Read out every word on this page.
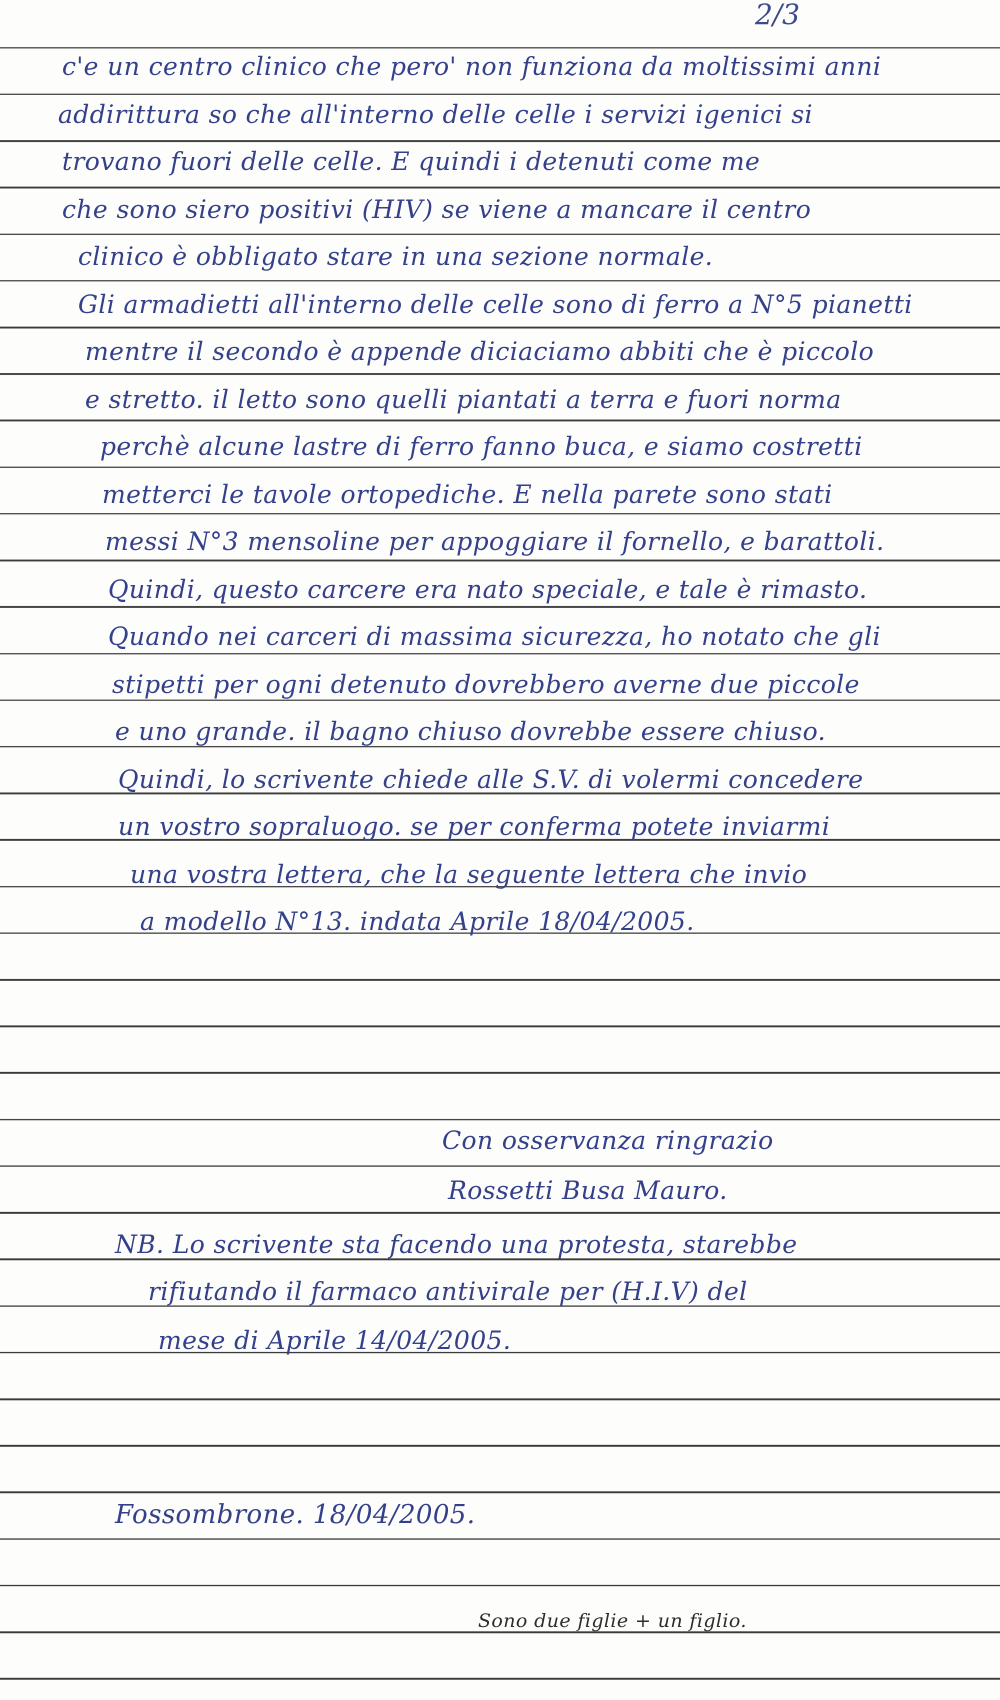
2/3
c'e un centro clinico che pero' non funziona da moltissimi anni
addirittura so che all'interno delle celle i servizi igenici si
trovano fuori delle celle. E quindi i detenuti come me
che sono siero positivi (HIV) se viene a mancare il centro
clinico è obbligato stare in una sezione normale.
Gli armadietti all'interno delle celle sono di ferro a N°5 pianetti
mentre il secondo è appende diciaciamo abbiti che è piccolo
e stretto. il letto sono quelli piantati a terra e fuori norma
perchè alcune lastre di ferro fanno buca, e siamo costretti
metterci le tavole ortopediche. E nella parete sono stati
messi N°3 mensoline per appoggiare il fornello, e barattoli.
Quindi, questo carcere era nato speciale, e tale è rimasto.
Quando nei carceri di massima sicurezza, ho notato che gli
stipetti per ogni detenuto dovrebbero averne due piccole
e uno grande. il bagno chiuso dovrebbe essere chiuso.
Quindi, lo scrivente chiede alle S.V. di volermi concedere
un vostro sopraluogo. se per conferma potete inviarmi
una vostra lettera, che la seguente lettera che invio
a modello N°13. indata Aprile 18/04/2005.
Con osservanza ringrazio
Rossetti Busa Mauro.
NB. Lo scrivente sta facendo una protesta, starebbe
rifiutando il farmaco antivirale per (H.I.V) del
mese di Aprile 14/04/2005.
Fossombrone. 18/04/2005.
Sono due figlie + un figlio.
